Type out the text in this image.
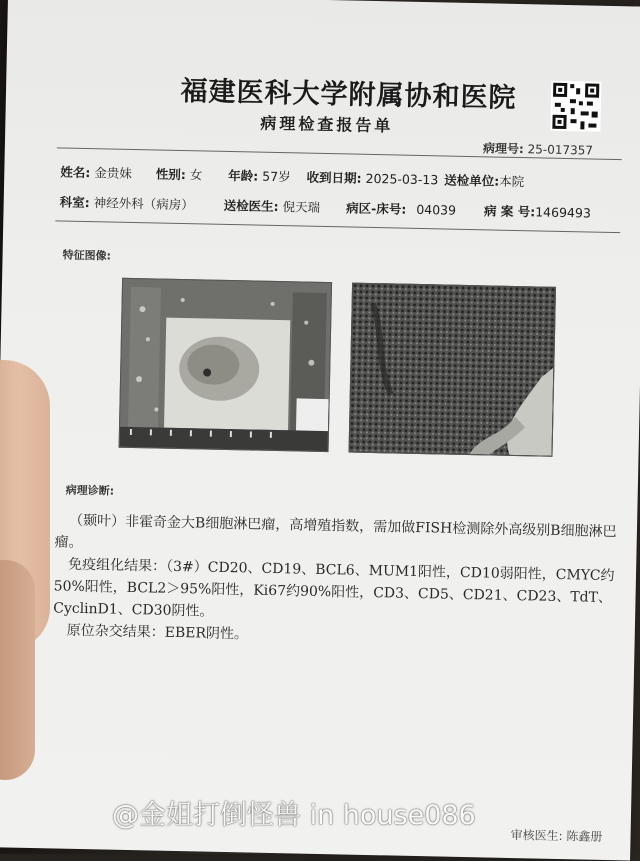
福建医科大学附属协和医院
病理检查报告单
病理号: 25-017357
姓名: 金贵妹 性别: 女 年龄: 57岁 收到日期: 2025-03-13 送检单位:本院
科室: 神经外科（病房） 送检医生: 倪天瑞 病区-床号: 04039 病 案 号:1469493
特征图像:
病理诊断:

（颞叶）非霍奇金大B细胞淋巴瘤，高增殖指数，需加做FISH检测除外高级别B细胞淋巴瘤。

免疫组化结果：（3#）CD20、CD19、BCL6、MUM1阳性，CD10弱阳性，CMYC约50%阳性，BCL2＞95%阳性，Ki67约90%阳性，CD3、CD5、CD21、CD23、TdT、CyclinD1、CD30阴性。

原位杂交结果：EBER阴性。

审核医生: 陈鑫册
@金姐打倒怪兽 in house086
